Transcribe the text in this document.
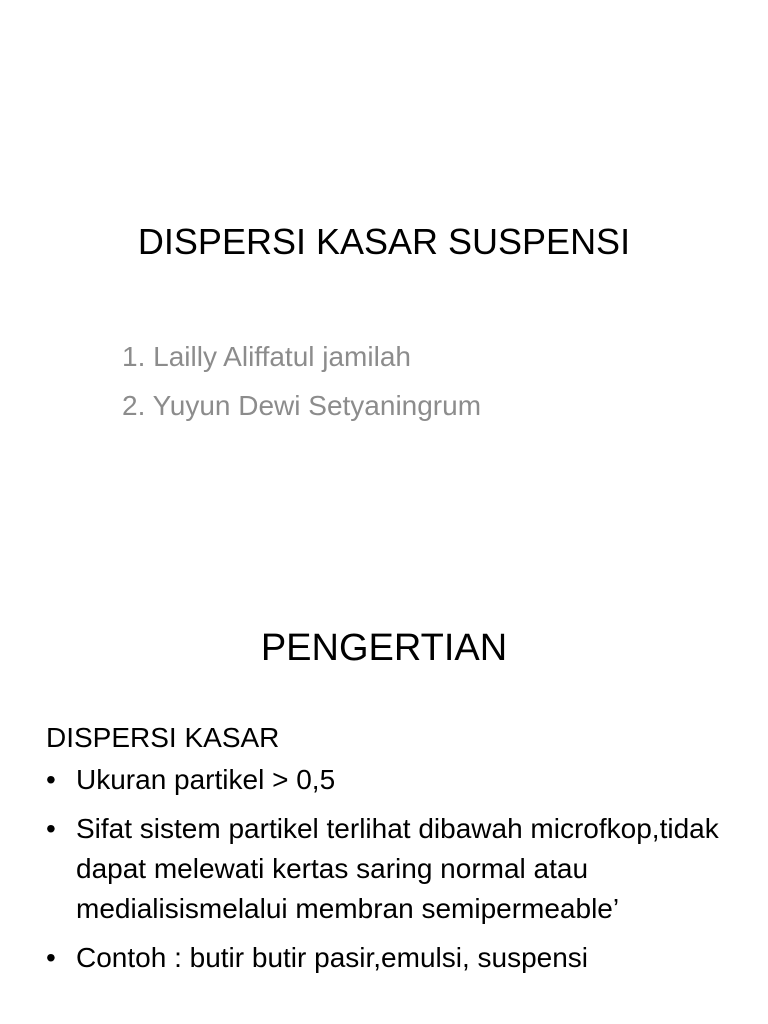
DISPERSI KASAR SUSPENSI
1. Lailly Aliffatul jamilah
2. Yuyun Dewi Setyaningrum
PENGERTIAN
DISPERSI KASAR
• Ukuran partikel > 0,5
• Sifat sistem partikel terlihat dibawah microfkop,tidak dapat melewati kertas saring normal atau medialisismelalui membran semipermeable’
• Contoh : butir butir pasir,emulsi, suspensi
